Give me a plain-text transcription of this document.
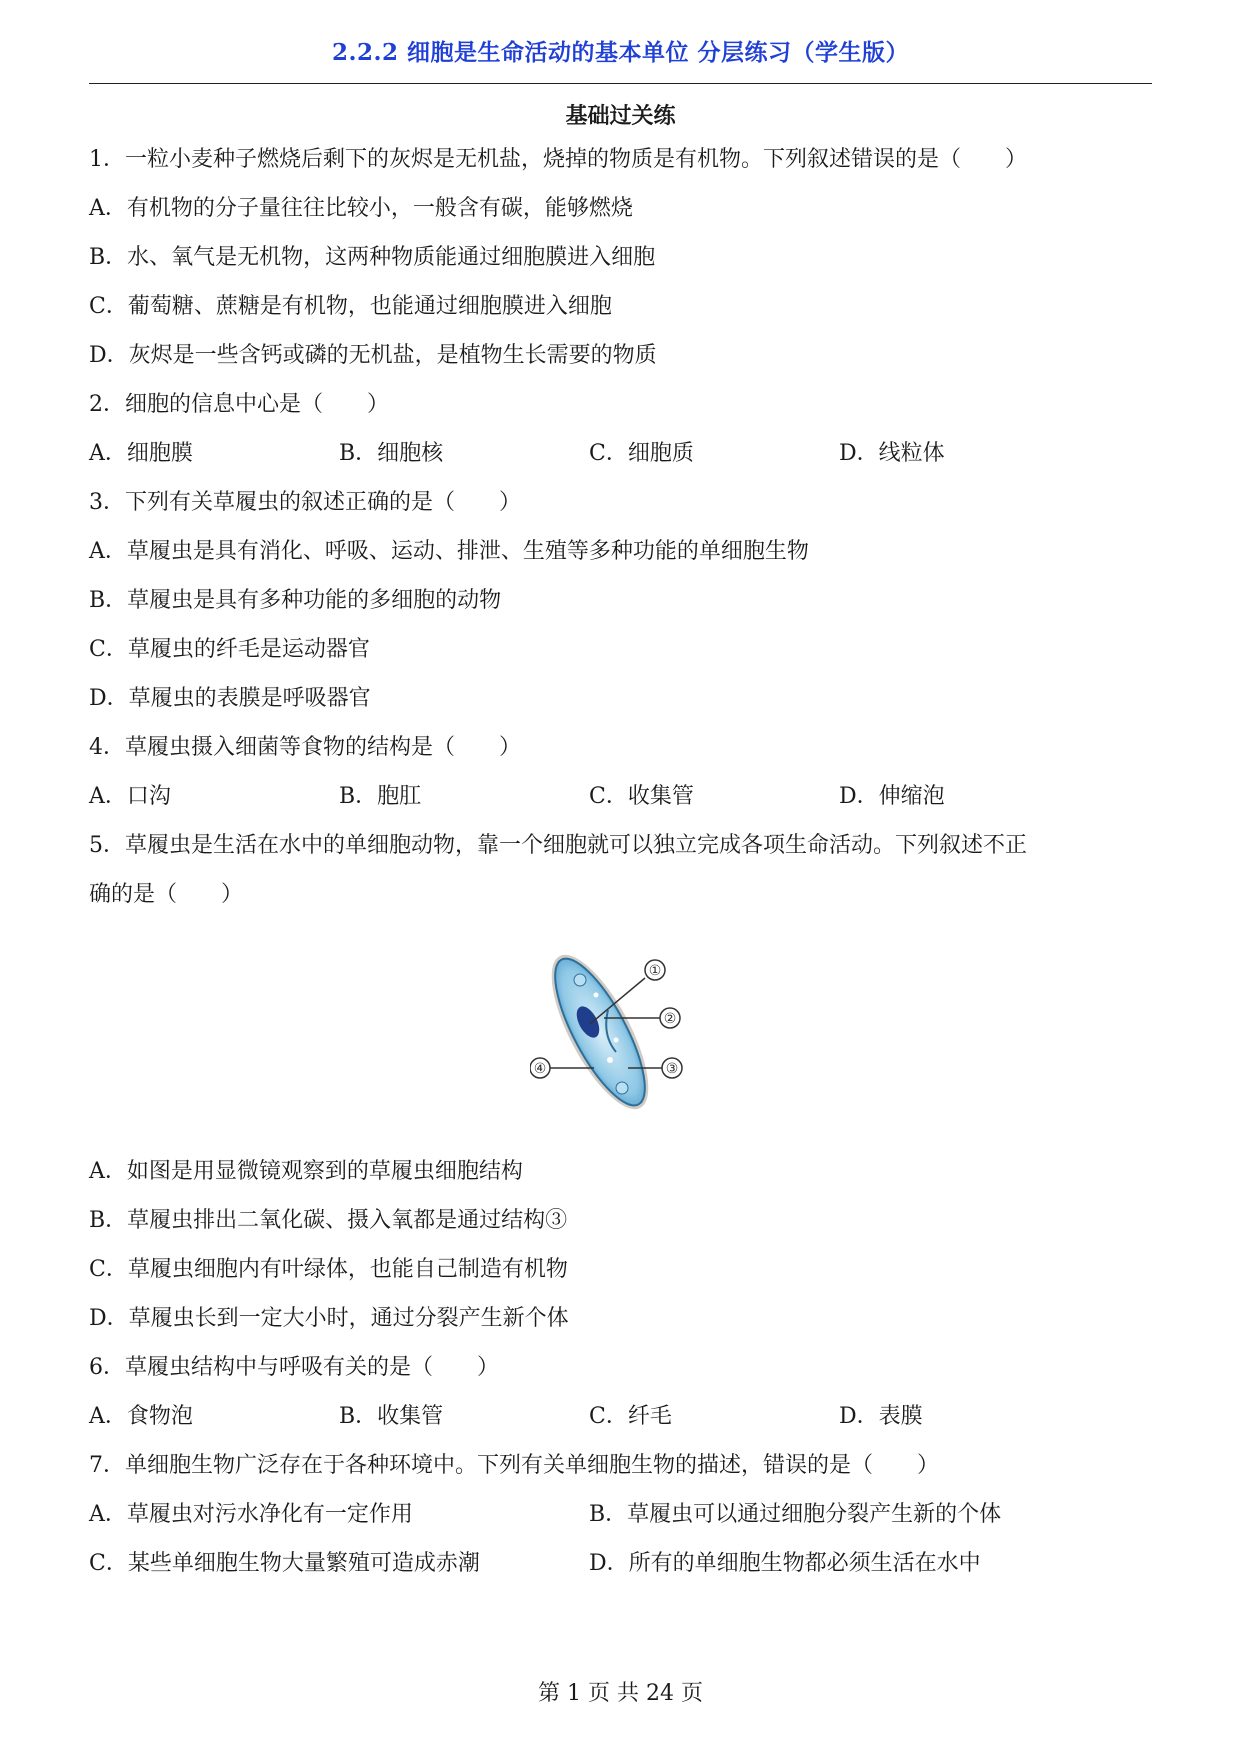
2.2.2 细胞是生命活动的基本单位 分层练习（学生版）
基础过关练
1．一粒小麦种子燃烧后剩下的灰烬是无机盐，烧掉的物质是有机物。下列叙述错误的是（　　）
A．有机物的分子量往往比较小，一般含有碳，能够燃烧
B．水、氧气是无机物，这两种物质能通过细胞膜进入细胞
C．葡萄糖、蔗糖是有机物，也能通过细胞膜进入细胞
D．灰烬是一些含钙或磷的无机盐，是植物生长需要的物质
2．细胞的信息中心是（　　）
A．细胞膜	B．细胞核	C．细胞质	D．线粒体
3．下列有关草履虫的叙述正确的是（　　）
A．草履虫是具有消化、呼吸、运动、排泄、生殖等多种功能的单细胞生物
B．草履虫是具有多种功能的多细胞的动物
C．草履虫的纤毛是运动器官
D．草履虫的表膜是呼吸器官
4．草履虫摄入细菌等食物的结构是（　　）
A．口沟	B．胞肛	C．收集管	D．伸缩泡
5．草履虫是生活在水中的单细胞动物，靠一个细胞就可以独立完成各项生命活动。下列叙述不正
确的是（　　）
①
②
③
④
A．如图是用显微镜观察到的草履虫细胞结构
B．草履虫排出二氧化碳、摄入氧都是通过结构③
C．草履虫细胞内有叶绿体，也能自己制造有机物
D．草履虫长到一定大小时，通过分裂产生新个体
6．草履虫结构中与呼吸有关的是（　　）
A．食物泡	B．收集管	C．纤毛	D．表膜
7．单细胞生物广泛存在于各种环境中。下列有关单细胞生物的描述，错误的是（　　）
A．草履虫对污水净化有一定作用	B．草履虫可以通过细胞分裂产生新的个体
C．某些单细胞生物大量繁殖可造成赤潮	D．所有的单细胞生物都必须生活在水中
第 1 页 共 24 页
